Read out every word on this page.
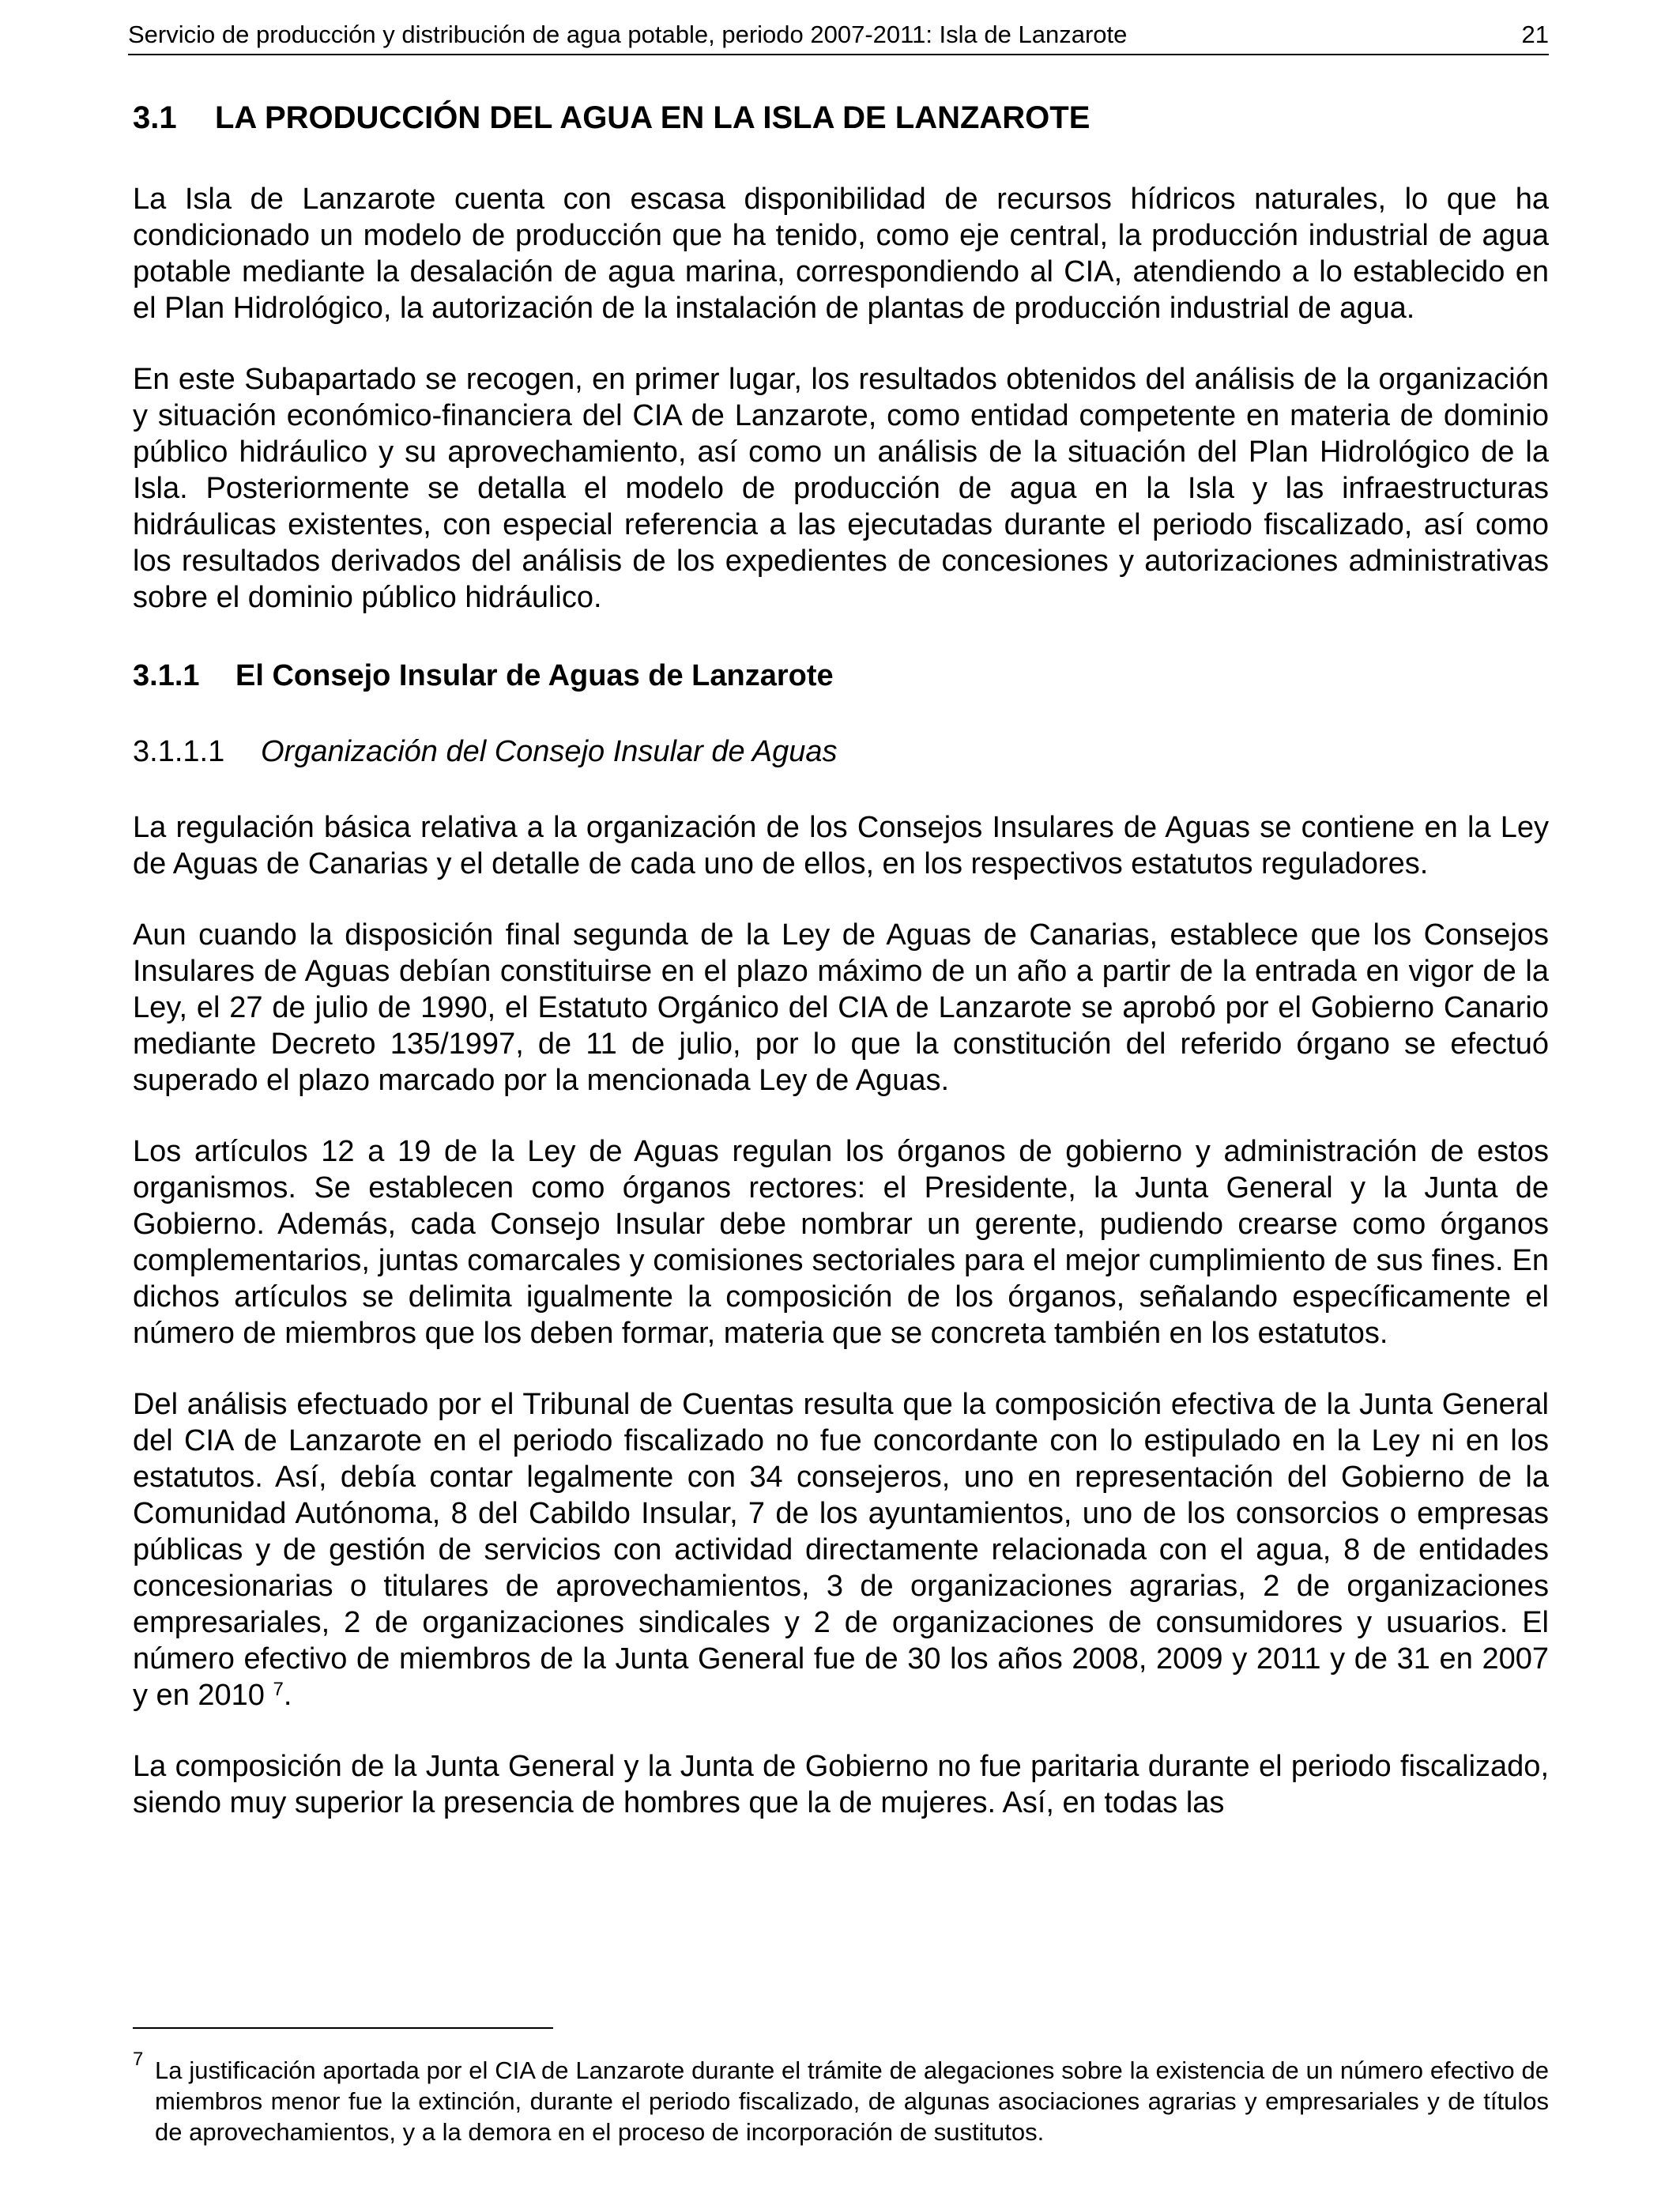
Servicio de producción y distribución de agua potable, periodo 2007-2011: Isla de Lanzarote	21
3.1 LA PRODUCCIÓN DEL AGUA EN LA ISLA DE LANZAROTE

La Isla de Lanzarote cuenta con escasa disponibilidad de recursos hídricos naturales, lo que ha condicionado un modelo de producción que ha tenido, como eje central, la producción industrial de agua potable mediante la desalación de agua marina, correspondiendo al CIA, atendiendo a lo establecido en el Plan Hidrológico, la autorización de la instalación de plantas de producción industrial de agua.

En este Subapartado se recogen, en primer lugar, los resultados obtenidos del análisis de la organización y situación económico-financiera del CIA de Lanzarote, como entidad competente en materia de dominio público hidráulico y su aprovechamiento, así como un análisis de la situación del Plan Hidrológico de la Isla. Posteriormente se detalla el modelo de producción de agua en la Isla y las infraestructuras hidráulicas existentes, con especial referencia a las ejecutadas durante el periodo fiscalizado, así como los resultados derivados del análisis de los expedientes de concesiones y autorizaciones administrativas sobre el dominio público hidráulico.

3.1.1 El Consejo Insular de Aguas de Lanzarote
3.1.1.1 Organización del Consejo Insular de Aguas

La regulación básica relativa a la organización de los Consejos Insulares de Aguas se contiene en la Ley de Aguas de Canarias y el detalle de cada uno de ellos, en los respectivos estatutos reguladores.

Aun cuando la disposición final segunda de la Ley de Aguas de Canarias, establece que los Consejos Insulares de Aguas debían constituirse en el plazo máximo de un año a partir de la entrada en vigor de la Ley, el 27 de julio de 1990, el Estatuto Orgánico del CIA de Lanzarote se aprobó por el Gobierno Canario mediante Decreto 135/1997, de 11 de julio, por lo que la constitución del referido órgano se efectuó superado el plazo marcado por la mencionada Ley de Aguas.

Los artículos 12 a 19 de la Ley de Aguas regulan los órganos de gobierno y administración de estos organismos. Se establecen como órganos rectores: el Presidente, la Junta General y la Junta de Gobierno. Además, cada Consejo Insular debe nombrar un gerente, pudiendo crearse como órganos complementarios, juntas comarcales y comisiones sectoriales para el mejor cumplimiento de sus fines. En dichos artículos se delimita igualmente la composición de los órganos, señalando específicamente el número de miembros que los deben formar, materia que se concreta también en los estatutos.

Del análisis efectuado por el Tribunal de Cuentas resulta que la composición efectiva de la Junta General del CIA de Lanzarote en el periodo fiscalizado no fue concordante con lo estipulado en la Ley ni en los estatutos. Así, debía contar legalmente con 34 consejeros, uno en representación del Gobierno de la Comunidad Autónoma, 8 del Cabildo Insular, 7 de los ayuntamientos, uno de los consorcios o empresas públicas y de gestión de servicios con actividad directamente relacionada con el agua, 8 de entidades concesionarias o titulares de aprovechamientos, 3 de organizaciones agrarias, 2 de organizaciones empresariales, 2 de organizaciones sindicales y 2 de organizaciones de consumidores y usuarios. El número efectivo de miembros de la Junta General fue de 30 los años 2008, 2009 y 2011 y de 31 en 2007 y en 2010 $^7$.

La composición de la Junta General y la Junta de Gobierno no fue paritaria durante el periodo fiscalizado, siendo muy superior la presencia de hombres que la de mujeres. Así, en todas las

7 La justificación aportada por el CIA de Lanzarote durante el trámite de alegaciones sobre la existencia de un número efectivo de miembros menor fue la extinción, durante el periodo fiscalizado, de algunas asociaciones agrarias y empresariales y de títulos de aprovechamientos, y a la demora en el proceso de incorporación de sustitutos.
